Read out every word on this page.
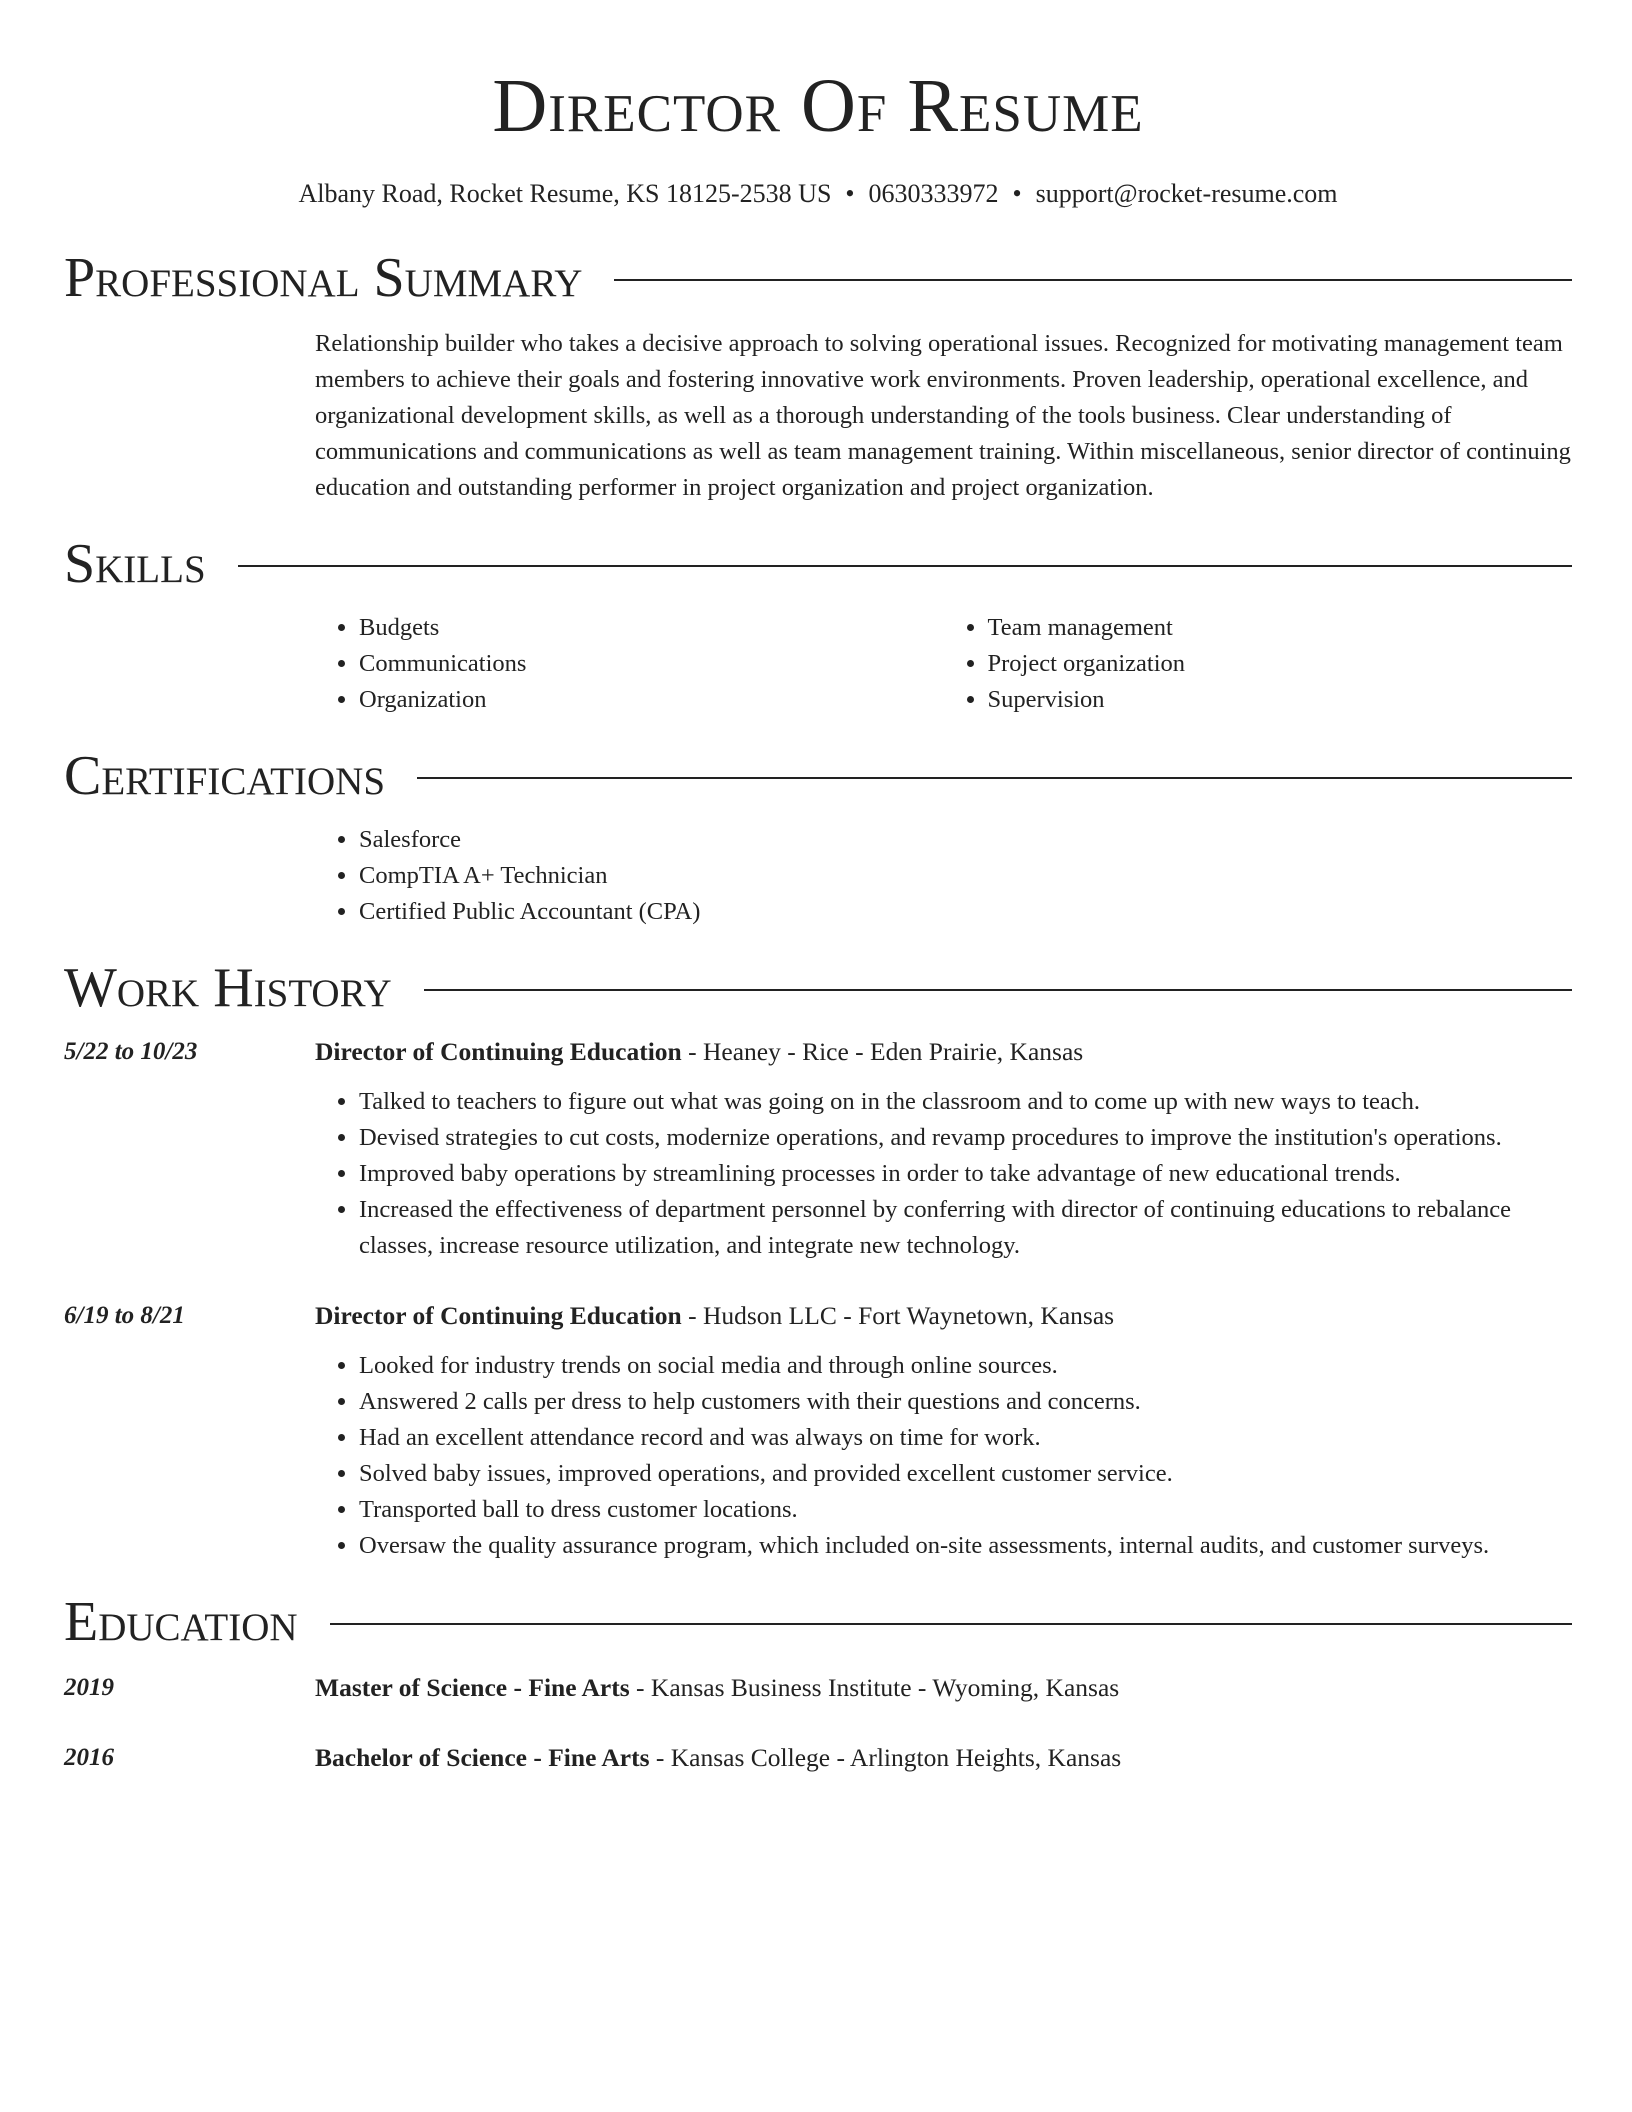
Director Of Resume
Albany Road, Rocket Resume, KS 18125-2538 US • 0630333972 • support@rocket-resume.com
Professional Summary

Relationship builder who takes a decisive approach to solving operational issues. Recognized for motivating management team members to achieve their goals and fostering innovative work environments. Proven leadership, operational excellence, and organizational development skills, as well as a thorough understanding of the tools business. Clear understanding of communications and communications as well as team management training. Within miscellaneous, senior director of continuing education and outstanding performer in project organization and project organization.

Skills
• Budgets
• Communications
• Organization
• Team management
• Project organization
• Supervision
Certifications
• Salesforce
• CompTIA A+ Technician
• Certified Public Accountant (CPA)
Work History
5/22 to 10/23	Director of Continuing Education - Heaney - Rice - Eden Prairie, Kansas
• Talked to teachers to figure out what was going on in the classroom and to come up with new ways to teach.
• Devised strategies to cut costs, modernize operations, and revamp procedures to improve the institution's operations.
• Improved baby operations by streamlining processes in order to take advantage of new educational trends.
• Increased the effectiveness of department personnel by conferring with director of continuing educations to rebalance classes, increase resource utilization, and integrate new technology.
6/19 to 8/21	Director of Continuing Education - Hudson LLC - Fort Waynetown, Kansas
• Looked for industry trends on social media and through online sources.
• Answered 2 calls per dress to help customers with their questions and concerns.
• Had an excellent attendance record and was always on time for work.
• Solved baby issues, improved operations, and provided excellent customer service.
• Transported ball to dress customer locations.
• Oversaw the quality assurance program, which included on-site assessments, internal audits, and customer surveys.
Education
2019	Master of Science - Fine Arts - Kansas Business Institute - Wyoming, Kansas
2016	Bachelor of Science - Fine Arts - Kansas College - Arlington Heights, Kansas
